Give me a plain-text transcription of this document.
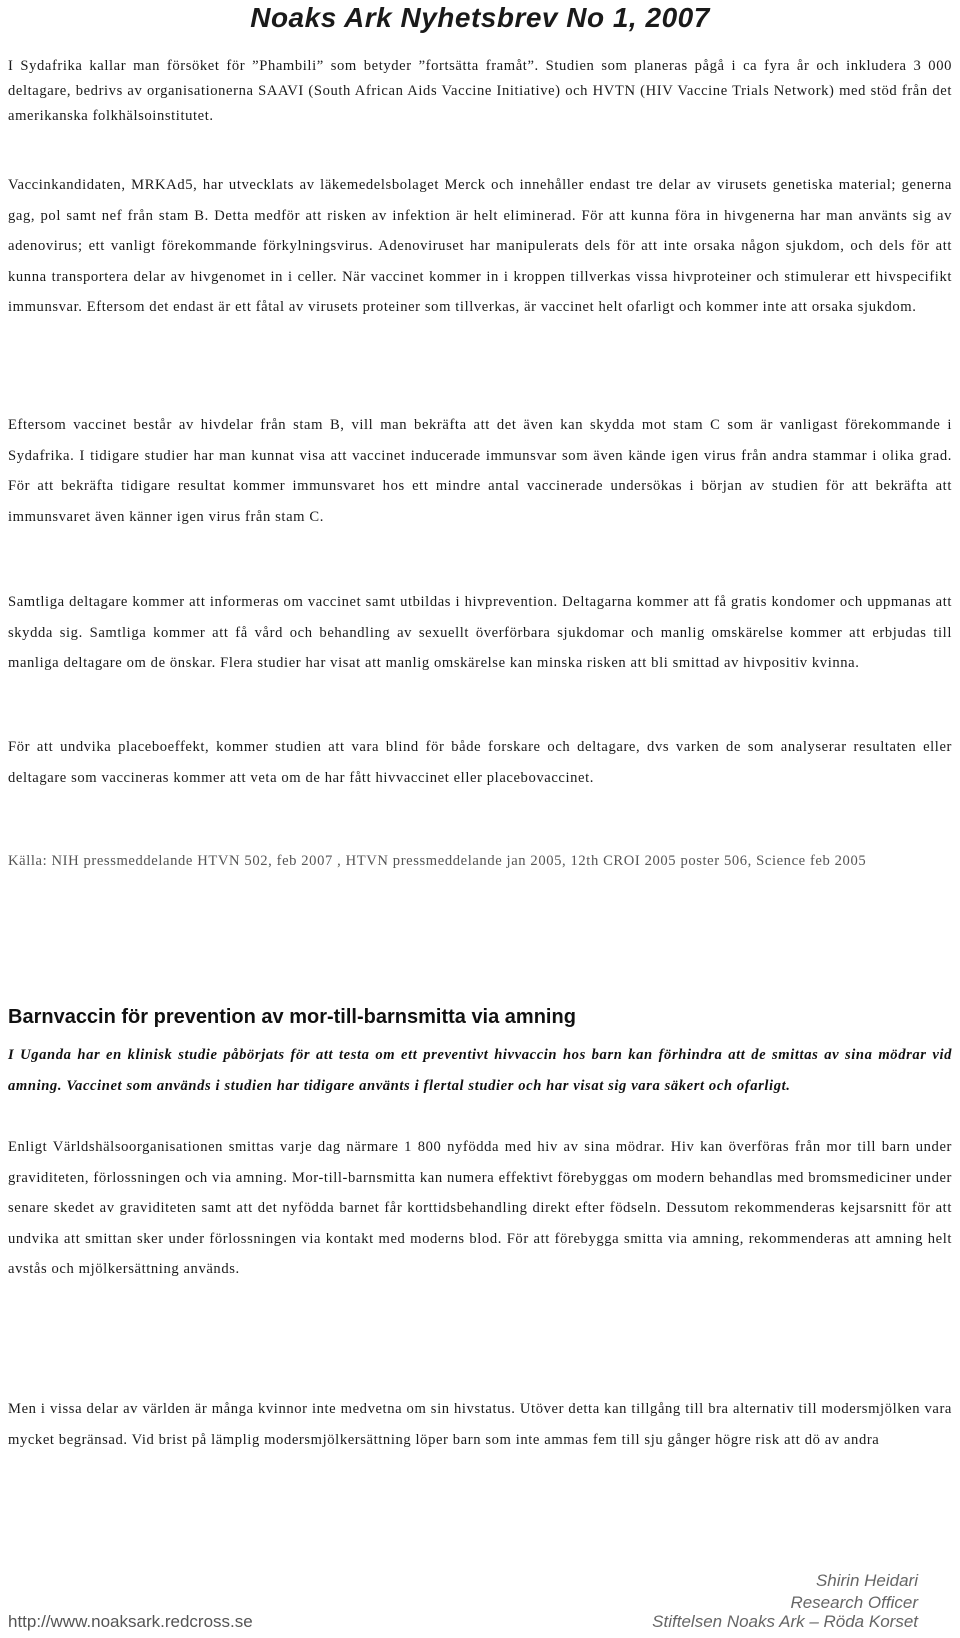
Noaks Ark Nyhetsbrev No 1, 2007

I Sydafrika kallar man försöket för ”Phambili” som betyder ”fortsätta framåt”. Studien som planeras pågå i ca fyra år och inkludera 3 000 deltagare, bedrivs av organisationerna SAAVI (South African Aids Vaccine Initiative) och HVTN (HIV Vaccine Trials Network) med stöd från det amerikanska folkhälsoinstitutet.

Vaccinkandidaten, MRKAd5, har utvecklats av läkemedelsbolaget Merck och innehåller endast tre delar av virusets genetiska material; generna gag, pol samt nef från stam B. Detta medför att risken av infektion är helt eliminerad. För att kunna föra in hivgenerna har man använts sig av adenovirus; ett vanligt förekommande förkylningsvirus. Adenoviruset har manipulerats dels för att inte orsaka någon sjukdom, och dels för att kunna transportera delar av hivgenomet in i celler. När vaccinet kommer in i kroppen tillverkas vissa hivproteiner och stimulerar ett hivspecifikt immunsvar. Eftersom det endast är ett fåtal av virusets proteiner som tillverkas, är vaccinet helt ofarligt och kommer inte att orsaka sjukdom.

Eftersom vaccinet består av hivdelar från stam B, vill man bekräfta att det även kan skydda mot stam C som är vanligast förekommande i Sydafrika. I tidigare studier har man kunnat visa att vaccinet inducerade immunsvar som även kände igen virus från andra stammar i olika grad. För att bekräfta tidigare resultat kommer immunsvaret hos ett mindre antal vaccinerade undersökas i början av studien för att bekräfta att immunsvaret även känner igen virus från stam C.

Samtliga deltagare kommer att informeras om vaccinet samt utbildas i hivprevention. Deltagarna kommer att få gratis kondomer och uppmanas att skydda sig. Samtliga kommer att få vård och behandling av sexuellt överförbara sjukdomar och manlig omskärelse kommer att erbjudas till manliga deltagare om de önskar. Flera studier har visat att manlig omskärelse kan minska risken att bli smittad av hivpositiv kvinna.

För att undvika placeboeffekt, kommer studien att vara blind för både forskare och deltagare, dvs varken de som analyserar resultaten eller deltagare som vaccineras kommer att veta om de har fått hivvaccinet eller placebovaccinet.

Källa: NIH pressmeddelande HTVN 502, feb 2007 , HTVN pressmeddelande jan 2005, 12th CROI 2005 poster 506, Science feb 2005

Barnvaccin för prevention av mor-till-barnsmitta via amning

I Uganda har en klinisk studie påbörjats för att testa om ett preventivt hivvaccin hos barn kan förhindra att de smittas av sina mödrar vid amning. Vaccinet som används i studien har tidigare använts i flertal studier och har visat sig vara säkert och ofarligt.

Enligt Världshälsoorganisationen smittas varje dag närmare 1 800 nyfödda med hiv av sina mödrar. Hiv kan överföras från mor till barn under graviditeten, förlossningen och via amning. Mor-till-barnsmitta kan numera effektivt förebyggas om modern behandlas med bromsmediciner under senare skedet av graviditeten samt att det nyfödda barnet får korttidsbehandling direkt efter födseln. Dessutom rekommenderas kejsarsnitt för att undvika att smittan sker under förlossningen via kontakt med moderns blod. För att förebygga smitta via amning, rekommenderas att amning helt avstås och mjölkersättning används.

Men i vissa delar av världen är många kvinnor inte medvetna om sin hivstatus. Utöver detta kan tillgång till bra alternativ till modersmjölken vara mycket begränsad. Vid brist på lämplig modersmjölkersättning löper barn som inte ammas fem till sju gånger högre risk att dö av andra

Shirin Heidari
Research Officer
http://www.noaksark.redcross.se	Stiftelsen Noaks Ark – Röda Korset
